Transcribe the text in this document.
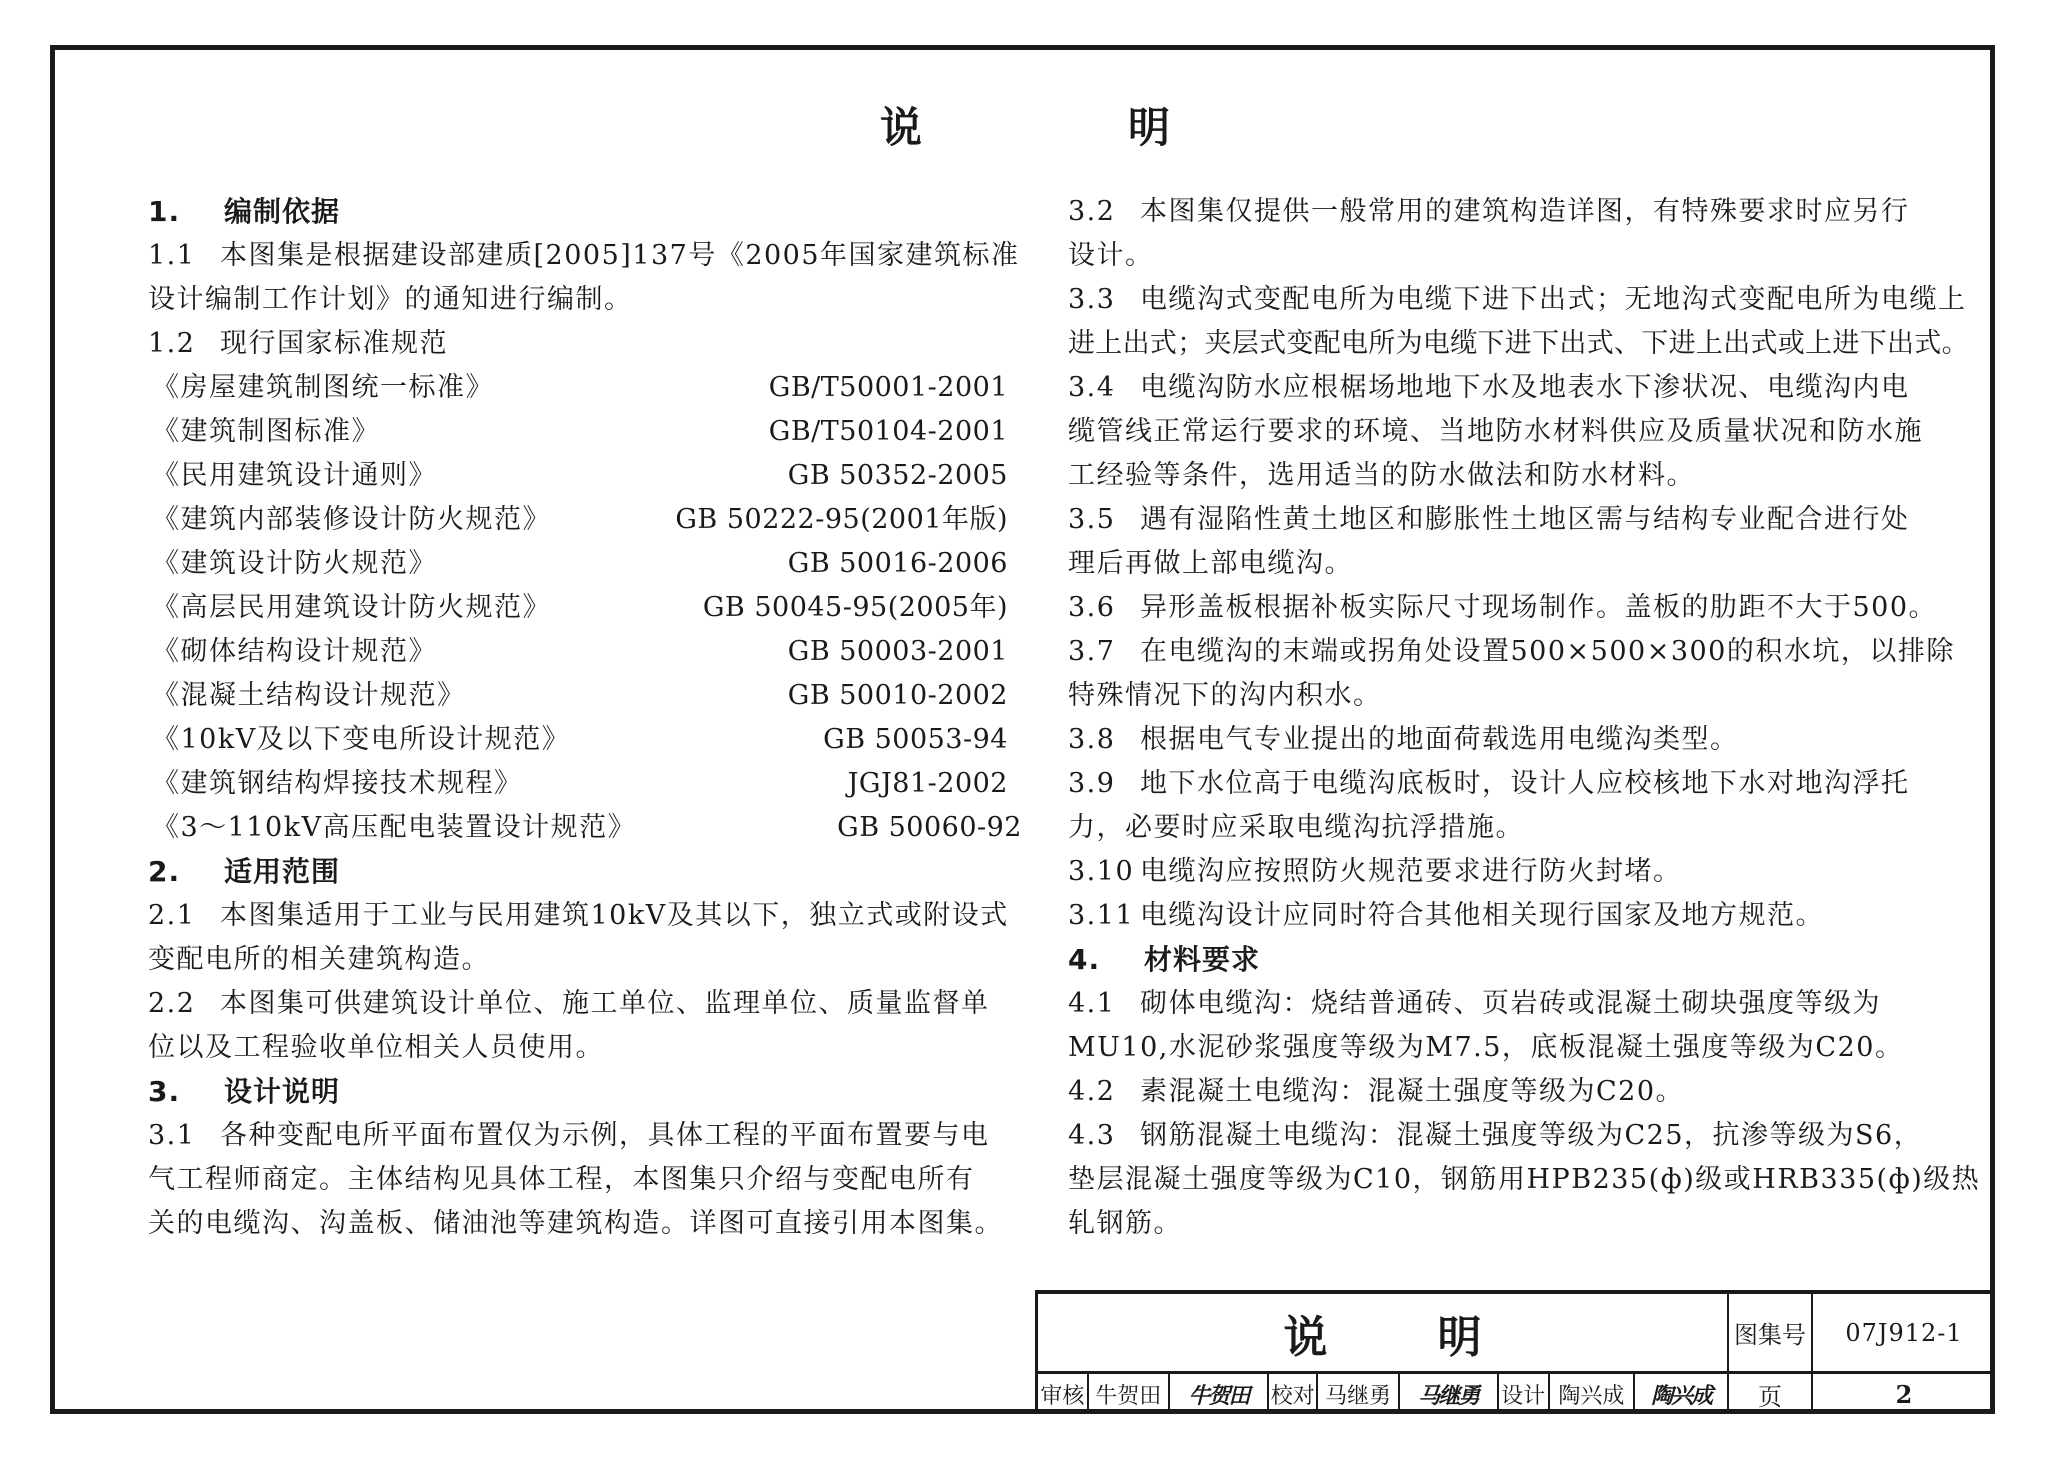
说	明
1. 编制依据
1.1 本图集是根据建设部建质[2005]137号《2005年国家建筑标准
设计编制工作计划》的通知进行编制。
1.2 现行国家标准规范
《房屋建筑制图统一标准》	GB/T50001-2001
《建筑制图标准》	GB/T50104-2001
《民用建筑设计通则》	GB 50352-2005
《建筑内部装修设计防火规范》	GB 50222-95(2001年版)
《建筑设计防火规范》	GB 50016-2006
《高层民用建筑设计防火规范》	GB 50045-95(2005年)
《砌体结构设计规范》	GB 50003-2001
《混凝土结构设计规范》	GB 50010-2002
《10kV及以下变电所设计规范》	GB 50053-94
《建筑钢结构焊接技术规程》	JGJ81-2002
《3～110kV高压配电装置设计规范》	GB 50060-92
2. 适用范围
2.1 本图集适用于工业与民用建筑10kV及其以下，独立式或附设式
变配电所的相关建筑构造。
2.2 本图集可供建筑设计单位、施工单位、监理单位、质量监督单
位以及工程验收单位相关人员使用。
3. 设计说明
3.1 各种变配电所平面布置仅为示例，具体工程的平面布置要与电
气工程师商定。主体结构见具体工程，本图集只介绍与变配电所有
关的电缆沟、沟盖板、储油池等建筑构造。详图可直接引用本图集。
3.2 本图集仅提供一般常用的建筑构造详图，有特殊要求时应另行
设计。
3.3 电缆沟式变配电所为电缆下进下出式；无地沟式变配电所为电缆上
进上出式；夹层式变配电所为电缆下进下出式、下进上出式或上进下出式。
3.4 电缆沟防水应根椐场地地下水及地表水下渗状况、电缆沟内电
缆管线正常运行要求的环境、当地防水材料供应及质量状况和防水施
工经验等条件，选用适当的防水做法和防水材料。
3.5 遇有湿陷性黄土地区和膨胀性土地区需与结构专业配合进行处
理后再做上部电缆沟。
3.6 异形盖板根据补板实际尺寸现场制作。盖板的肋距不大于500。
3.7 在电缆沟的末端或拐角处设置500×500×300的积水坑，以排除
特殊情况下的沟内积水。
3.8 根据电气专业提出的地面荷载选用电缆沟类型。
3.9 地下水位高于电缆沟底板时，设计人应校核地下水对地沟浮托
力，必要时应采取电缆沟抗浮措施。
3.10 电缆沟应按照防火规范要求进行防火封堵。
3.11 电缆沟设计应同时符合其他相关现行国家及地方规范。
4. 材料要求
4.1 砌体电缆沟：烧结普通砖、页岩砖或混凝土砌块强度等级为
MU10,水泥砂浆强度等级为M7.5，底板混凝土强度等级为C20。
4.2 素混凝土电缆沟：混凝土强度等级为C20。
4.3 钢筋混凝土电缆沟：混凝土强度等级为C25，抗渗等级为S6，
垫层混凝土强度等级为C10，钢筋用HPB235(ф)级或HRB335(ф)级热
轧钢筋。
说	明	图集号	07J912-1
审核 牛贺田	牛贺田	校对 马继勇	马继勇	设计 陶兴成	陶兴成	页	2
